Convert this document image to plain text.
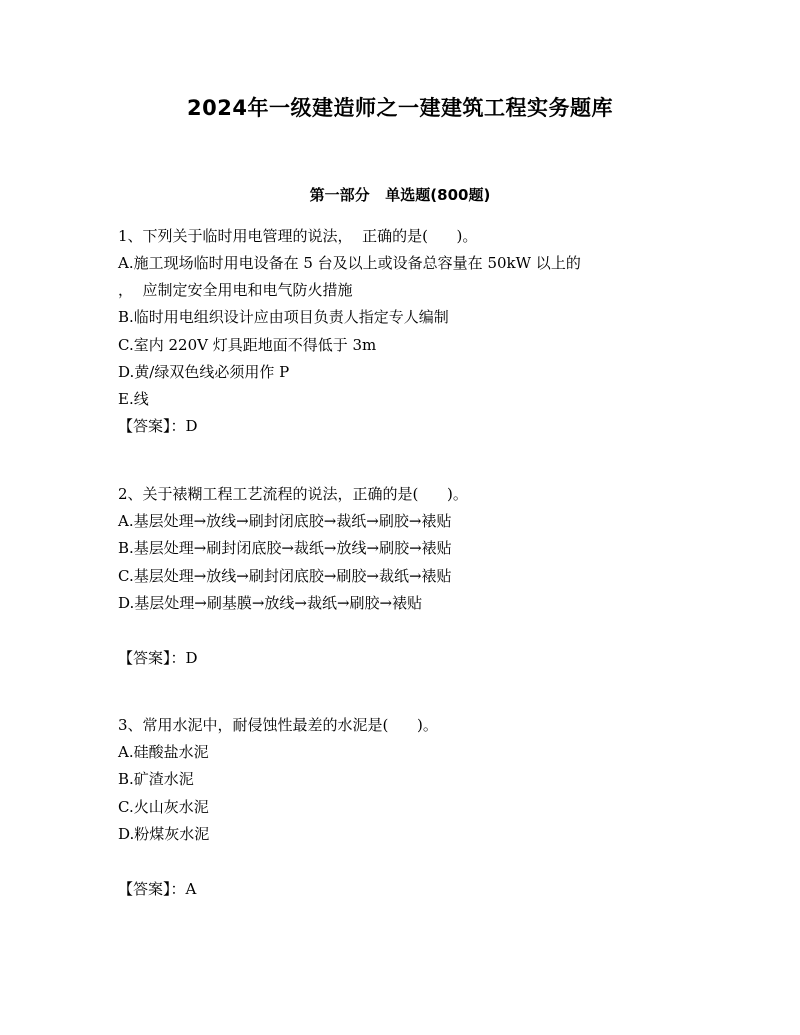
2024年一级建造师之一建建筑工程实务题库
第一部分   单选题(800题)
1、下列关于临时用电管理的说法，  正确的是(      )。
A.施工现场临时用电设备在 5 台及以上或设备总容量在 50kW 以上的
，  应制定安全用电和电气防火措施
B.临时用电组织设计应由项目负责人指定专人编制
C.室内 220V 灯具距地面不得低于 3m
D.黄/绿双色线必须用作 P
E.线
【答案】：D
2、关于裱糊工程工艺流程的说法，正确的是(      )。
A.基层处理→放线→刷封闭底胶→裁纸→刷胶→裱贴
B.基层处理→刷封闭底胶→裁纸→放线→刷胶→裱贴
C.基层处理→放线→刷封闭底胶→刷胶→裁纸→裱贴
D.基层处理→刷基膜→放线→裁纸→刷胶→裱贴
【答案】：D
3、常用水泥中，耐侵蚀性最差的水泥是(      )。
A.硅酸盐水泥
B.矿渣水泥
C.火山灰水泥
D.粉煤灰水泥
【答案】：A
